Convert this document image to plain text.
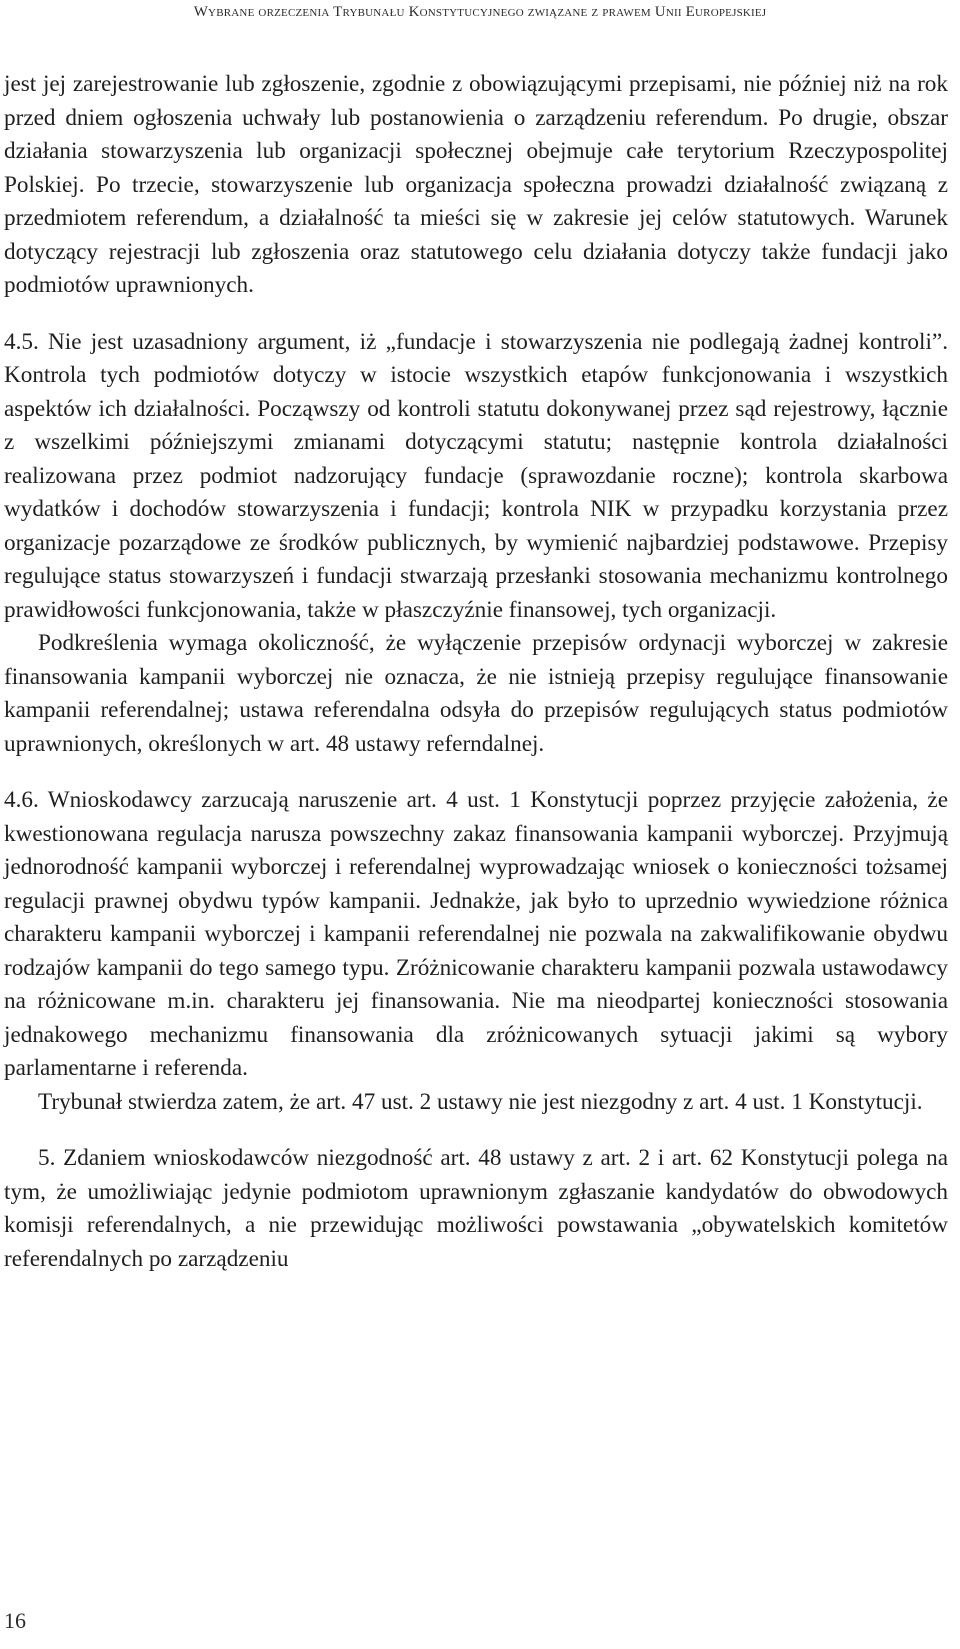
Wybrane orzeczenia Trybunału Konstytucyjnego związane z prawem Unii Europejskiej

jest jej zarejestrowanie lub zgłoszenie, zgodnie z obowiązującymi przepisami, nie później niż na rok przed dniem ogłoszenia uchwały lub postanowienia o zarządzeniu referendum. Po drugie, obszar działania stowarzyszenia lub organizacji społecznej obejmuje całe terytorium Rzeczypospolitej Polskiej. Po trzecie, stowarzyszenie lub organizacja społeczna prowadzi działalność związaną z przedmiotem referendum, a działalność ta mieści się w zakresie jej celów statutowych. Warunek dotyczący rejestracji lub zgłoszenia oraz statutowego celu działania dotyczy także fundacji jako podmiotów uprawnionych.

4.5. Nie jest uzasadniony argument, iż „fundacje i stowarzyszenia nie podlegają żadnej kontroli”. Kontrola tych podmiotów dotyczy w istocie wszystkich etapów funkcjonowania i wszystkich aspektów ich działalności. Począwszy od kontroli statutu dokonywanej przez sąd rejestrowy, łącznie z wszelkimi późniejszymi zmianami dotyczącymi statutu; następnie kontrola działalności realizowana przez podmiot nadzorujący fundacje (sprawozdanie roczne); kontrola skarbowa wydatków i dochodów stowarzyszenia i fundacji; kontrola NIK w przypadku korzystania przez organizacje pozarządowe ze środków publicznych, by wymienić najbardziej podstawowe. Przepisy regulujące status stowarzyszeń i fundacji stwarzają przesłanki stosowania mechanizmu kontrolnego prawidłowości funkcjonowania, także w płaszczyźnie finansowej, tych organizacji.

Podkreślenia wymaga okoliczność, że wyłączenie przepisów ordynacji wyborczej w zakresie finansowania kampanii wyborczej nie oznacza, że nie istnieją przepisy regulujące finansowanie kampanii referendalnej; ustawa referendalna odsyła do przepisów regulujących status podmiotów uprawnionych, określonych w art. 48 ustawy referndalnej.

4.6. Wnioskodawcy zarzucają naruszenie art. 4 ust. 1 Konstytucji poprzez przyjęcie założenia, że kwestionowana regulacja narusza powszechny zakaz finansowania kampanii wyborczej. Przyjmują jednorodność kampanii wyborczej i referendalnej wyprowadzając wniosek o konieczności tożsamej regulacji prawnej obydwu typów kampanii. Jednakże, jak było to uprzednio wywiedzione różnica charakteru kampanii wyborczej i kampanii referendalnej nie pozwala na zakwalifikowanie obydwu rodzajów kampanii do tego samego typu. Zróżnicowanie charakteru kampanii pozwala ustawodawcy na różnicowane m.in. charakteru jej finansowania. Nie ma nieodpartej konieczności stosowania jednakowego mechanizmu finansowania dla zróżnicowanych sytuacji jakimi są wybory parlamentarne i referenda.

Trybunał stwierdza zatem, że art. 47 ust. 2 ustawy nie jest niezgodny z art. 4 ust. 1 Konstytucji.

5. Zdaniem wnioskodawców niezgodność art. 48 ustawy z art. 2 i art. 62 Konstytucji polega na tym, że umożliwiając jedynie podmiotom uprawnionym zgłaszanie kandydatów do obwodowych komisji referendalnych, a nie przewidując możliwości powstawania „obywatelskich komitetów referendalnych po zarządzeniu

16
